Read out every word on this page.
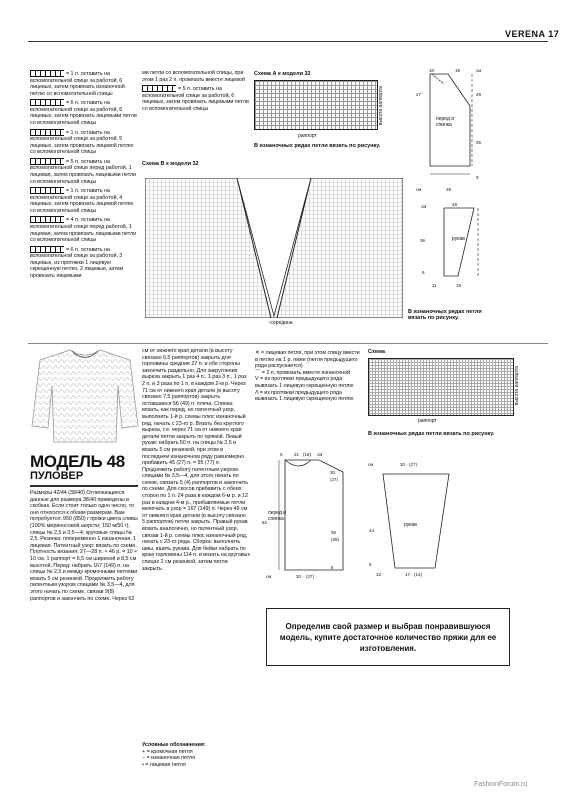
VERENA 17
= 1 п. оставить на вспомогательной спице за работой, 6 лицевых, затем провязать изнаночной петлю со вспомогательной спицы
= 6 п. оставить на вспомогательной спице за работой, 6 лицевых, затем провязать лицевыми петли со вспомогательной спицы
= 1 п. оставить на вспомогательной спице за работой, 5 лицевых, затем провязать лицевой петлю со вспомогательной спицы
= 5 п. оставить на вспомогательной спице перед работой, 1 лицевая, затем провязать лицевыми петли со вспомогательной спицы
= 1 п. оставить на вспомогательной спице за работой, 4 лицевых, затем провязать лицевой петлю со вспомогательной спицы
= 4 п. оставить на вспомогательной спице перед работой, 1 лицевая, затем провязать лицевыми петли со вспомогательной спицы
= 6 п. оставить на вспомогательной спице за работой, 3 лицевых, из протяжки 1 лицевую скрещенную петлю, 2 лицевые, затем провязать лицевыми
ми петли со вспомогательной спицы, при этом 1 раз 2 п. провязать вместе лицевой
= 5 п. оставить на вспомогательной спице за работой, 6 лицевых, затем провязать лицевыми петли со вспомогательной спицы
Схема А к модели 32
высота раппорта
раппорт
В изнаночных рядах петли вязать по рисунку.
Схема В к модели 32
↑середина
В изнаночных рядах петли вязать по рисунку.
10	19	см
27	29
35
9
29
см
перед и спинка
18
см
36
6
11	18
рукав
МОДЕЛЬ 48
ПУЛОВЕР
Размеры 42/44 (38/40) Отличающиеся данные для размера 38/40 приведены в скобках. Если стоит только одно число, то оно относится к обоим размерам. Вам потребуется: 950 (850) г пряжи цвета сливы (100% мериносовой шерсти; 150 м/50 г); спицы № 2,5 и 3,5—4; круговые спицы № 2,5. Резинка: попеременно 1 изнаночная, 1 лицевая. Патентный узор: вязать по схеме. Плотность вязания: 27—28 п. × 46 р. = 10 × 10 см. 1 раппорт = 6,5 см шириной и 8,5 см высотой. Перед: набрать 167 (149) п. на спицы № 2,5 и между кромочными петлями вязать 5 см резинкой. Продолжить работу патентным узором спицами № 3,5—4, для этого начать по схеме, связав 9(8) раппортов и закончить по схеме. Через 62
см от нижнего края детали (в высоту связано 6,5 раппортов) закрыть для горловины средние 27 п. и обе стороны закончить раздельно. Для закругления выреза закрыть 1 раз 4 п., 1 раз 3 п., 1 раз 2 п. и 3 раза по 1 п. в каждом 2-м р. Через 71 см от нижнего края детали (в высоту связано 7,5 раппортов) закрыть оставшиеся 56 (49) п. плеча. Спинка: вязать, как перед, но патентный узор, выполнить 1-й р. схемы плюс изнаночный ряд, начать с 23-го р. Вязать без круглого выреза, т.е. через 71 см от нижнего края детали петли закрыть по прямой. Левый рукав: набрать 50 п. на спицы № 2,5 и вязать 5 см резинкой, при этом в последнем изнаночном ряду равномерно прибавить 45 (27) п. = 95 (77) п. Продолжить работу патентным узором спицами № 3,5—4, для этого начать по схеме, связать 5 (4) раппортов и закончить по схеме. Для скосов прибавить с обеих сторон по 1 п. 24 раза в каждом 6-м р. и 12 раз в каждом 4-м р., прибавляемые петли включать в узор = 167 (149) п. Через 49 см от нижнего края детали (в высоту связано 5 раппортов) петли закрыть. Правый рукав вязать аналогично, но патентный узор, связав 1-й р. схемы плюс изнаночный ряд, начать с 23-го ряда. Сборка: выполнить швы, вшить рукава. Для бейки набрать по краю горловины 114 п. и вязать на круговых спицах 2 см резинкой, затем петли закрыть.
Условные обозначения:
+ = кромочная петля
− = изнаночная петля
• = лицевая петля
✕ = лицевая петля, при этом спицу ввести в петлю на 1 р. ниже (петля предыдущего ряда распускается)
⌒ = 2 п. провязать вместе изнаночной
V = из протяжки предыдущего ряда вывязать 1 лицевую скрещенную петлю
Λ = из протяжки предыдущего ряда вывязать 1 лицевую скрещенную петлю
Схема
высота раппорта
раппорт
В изнаночных рядах петли вязать по рисунку.
9	21 (18) см
30
(27)
62
36
(39)
5
30 (27)
см
перед и спинка
см	30 (27)
44
5
12	17 (14)
рукав
Определив свой размер и выбрав понравившуюся модель, купите достаточное количество пряжи для ее изготовления.
FashionForum.ru
